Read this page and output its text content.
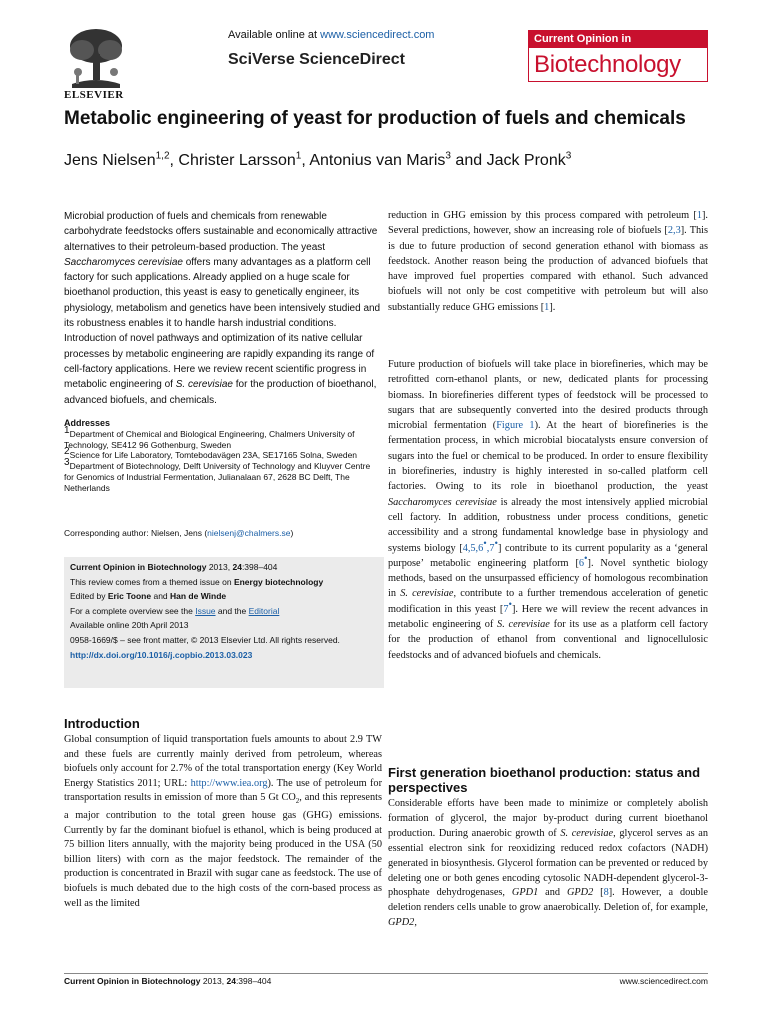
ELSEVIER
Available online at www.sciencedirect.com
SciVerse ScienceDirect
Current Opinion in
Biotechnology
Metabolic engineering of yeast for production of fuels and chemicals
Jens Nielsen$^{1,2}$, Christer Larsson$^1$, Antonius van Maris$^3$ and Jack Pronk$^3$

Microbial production of fuels and chemicals from renewable carbohydrate feedstocks offers sustainable and economically attractive alternatives to their petroleum-based production. The yeast Saccharomyces cerevisiae offers many advantages as a platform cell factory for such applications. Already applied on a huge scale for bioethanol production, this yeast is easy to genetically engineer, its physiology, metabolism and genetics have been intensively studied and its robustness enables it to handle harsh industrial conditions. Introduction of novel pathways and optimization of its native cellular processes by metabolic engineering are rapidly expanding its range of cell-factory applications. Here we review recent scientific progress in metabolic engineering of S. cerevisiae for the production of bioethanol, advanced biofuels, and chemicals.

Addresses

$^1$Department of Chemical and Biological Engineering, Chalmers University of Technology, SE412 96 Gothenburg, Sweden

$^2$Science for Life Laboratory, Tomtebodavägen 23A, SE17165 Solna, Sweden

$^3$Department of Biotechnology, Delft University of Technology and Kluyver Centre for Genomics of Industrial Fermentation, Julianalaan 67, 2628 BC Delft, The Netherlands

Corresponding author: Nielsen, Jens (nielsenj@chalmers.se)
Current Opinion in Biotechnology 2013, 24:398–404
This review comes from a themed issue on Energy biotechnology
Edited by Eric Toone and Han de Winde
For a complete overview see the Issue and the Editorial
Available online 20th April 2013
0958-1669/$ – see front matter, © 2013 Elsevier Ltd. All rights reserved.
http://dx.doi.org/10.1016/j.copbio.2013.03.023
Introduction

Global consumption of liquid transportation fuels amounts to about 2.9 TW and these fuels are currently mainly derived from petroleum, whereas biofuels only account for 2.7% of the total transportation energy (Key World Energy Statistics 2011; URL: http://www.iea.org). The use of petroleum for transportation results in emission of more than 5 Gt $CO_2$, and this represents a major contribution to the total green house gas (GHG) emissions. Currently by far the dominant biofuel is ethanol, which is being produced at 75 billion liters annually, with the majority being produced in the USA (50 billion liters) with corn as the major feedstock. The remainder of the production is concentrated in Brazil with sugar cane as feedstock. The use of biofuels is much debated due to the high costs of the corn-based process as well as the limited

reduction in GHG emission by this process compared with petroleum [1]. Several predictions, however, show an increasing role of biofuels [2,3]. This is due to future production of second generation ethanol with biomass as feedstock. Another reason being the production of advanced biofuels that have improved fuel properties compared with ethanol. Such advanced biofuels will not only be cost competitive with petroleum but will also substantially reduce GHG emissions [1].

Future production of biofuels will take place in biorefineries, which may be retrofitted corn-ethanol plants, or new, dedicated plants for processing biomass. In biorefineries different types of feedstock will be processed to sugars that are subsequently converted into the desired products through microbial fermentation (Figure 1). At the heart of biorefineries is the fermentation process, in which microbial biocatalysts ensure conversion of sugars into the fuel or chemical to be produced. In order to ensure flexibility in biorefineries, industry is highly interested in so-called platform cell factories. Owing to its role in bioethanol production, the yeast Saccharomyces cerevisiae is already the most intensively applied microbial cell factory. In addition, robustness under process conditions, genetic accessibility and a strong fundamental knowledge base in physiology and systems biology [4,5,6•,7•] contribute to its current popularity as a ‘general purpose’ metabolic engineering platform [6•]. Novel synthetic biology methods, based on the unsurpassed efficiency of homologous recombination in S. cerevisiae, contribute to a further tremendous acceleration of genetic modification in this yeast [7•]. Here we will review the recent advances in metabolic engineering of S. cerevisiae for its use as a platform cell factory for the production of ethanol from conventional and lignocellulosic feedstocks and of advanced biofuels and chemicals.

First generation bioethanol production: status and perspectives

Considerable efforts have been made to minimize or completely abolish formation of glycerol, the major by-product during current bioethanol production. During anaerobic growth of S. cerevisiae, glycerol serves as an essential electron sink for reoxidizing reduced redox cofactors (NADH) generated in biosynthesis. Glycerol formation can be prevented or reduced by deleting one or both genes encoding cytosolic NADH-dependent glycerol-3-phosphate dehydrogenases, GPD1 and GPD2 [8]. However, a double deletion renders cells unable to grow anaerobically. Deletion of, for example, GPD2,

Current Opinion in Biotechnology 2013, 24:398–404	www.sciencedirect.com
